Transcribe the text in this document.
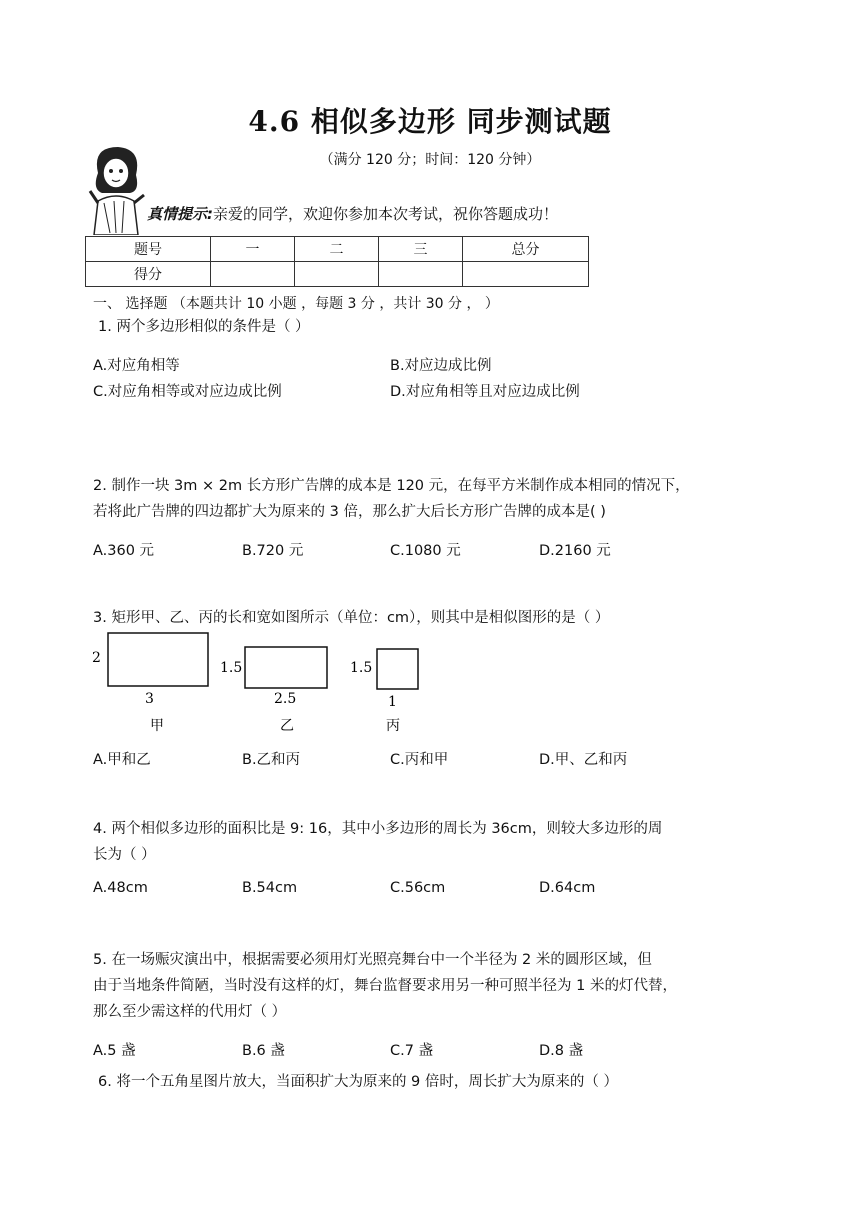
4.6 相似多边形 同步测试题
（满分 120 分；时间：120 分钟）
真情提示:亲爱的同学，欢迎你参加本次考试，祝你答题成功！
题号	一	二	三	总分
得分				
一、 选择题 （本题共计 10 小题 ，每题 3 分 ，共计 30 分 ， ）
1. 两个多边形相似的条件是（ ）
A.对应角相等	B.对应边成比例
C.对应角相等或对应边成比例	D.对应角相等且对应边成比例
2. 制作一块 3m × 2m 长方形广告牌的成本是 120 元，在每平方米制作成本相同的情况下，
若将此广告牌的四边都扩大为原来的 3 倍，那么扩大后长方形广告牌的成本是( )
A.360 元	B.720 元	C.1080 元	D.2160 元
3. 矩形甲、乙、丙的长和宽如图所示（单位：cm），则其中是相似图形的是（ ）
2
3
甲
1.5
2.5
乙
1.5
1
丙
A.甲和乙	B.乙和丙	C.丙和甲	D.甲、乙和丙
4. 两个相似多边形的面积比是 9: 16，其中小多边形的周长为 36cm，则较大多边形的周
长为（ ）
A.48cm	B.54cm	C.56cm	D.64cm
5. 在一场赈灾演出中，根据需要必须用灯光照亮舞台中一个半径为 2 米的圆形区域，但
由于当地条件简陋，当时没有这样的灯，舞台监督要求用另一种可照半径为 1 米的灯代替，
那么至少需这样的代用灯（ ）
A.5 盏	B.6 盏	C.7 盏	D.8 盏
6. 将一个五角星图片放大，当面积扩大为原来的 9 倍时，周长扩大为原来的（ ）
